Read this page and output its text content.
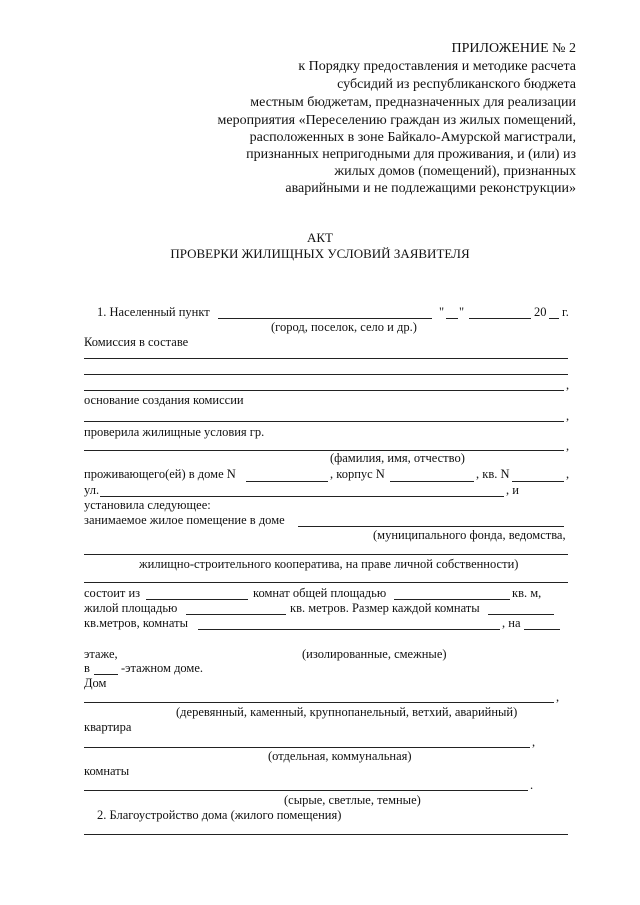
ПРИЛОЖЕНИЕ № 2
к Порядку предоставления и методике расчета
субсидий из республиканского бюджета
местным бюджетам, предназначенных для реализации
мероприятия «Переселению граждан из жилых помещений,
расположенных в зоне Байкало-Амурской магистрали,
признанных непригодными для проживания, и (или) из
жилых домов (помещений), признанных
аварийными и не подлежащими реконструкции»
АКТ
ПРОВЕРКИ ЖИЛИЩНЫХ УСЛОВИЙ ЗАЯВИТЕЛЯ
1. Населенный пункт	" "	20 г.
(город, поселок, село и др.)
Комиссия в составе
,
основание создания комиссии
,
проверила жилищные условия гр.
,
(фамилия, имя, отчество)
проживающего(ей) в доме N	, корпус N	, кв. N	,
ул.	, и
установила следующее:
занимаемое жилое помещение в доме
(муниципального фонда, ведомства,
жилищно-строительного кооператива, на праве личной собственности)
состоит из	комнат общей площадью	кв. м,
жилой площадью	кв. метров. Размер каждой комнаты
кв.метров, комнаты	, на
этаже,	(изолированные, смежные)
в -этажном доме.
Дом
,
(деревянный, каменный, крупнопанельный, ветхий, аварийный)
квартира
,
(отдельная, коммунальная)
комнаты
.
(сырые, светлые, темные)
2. Благоустройство дома (жилого помещения)
